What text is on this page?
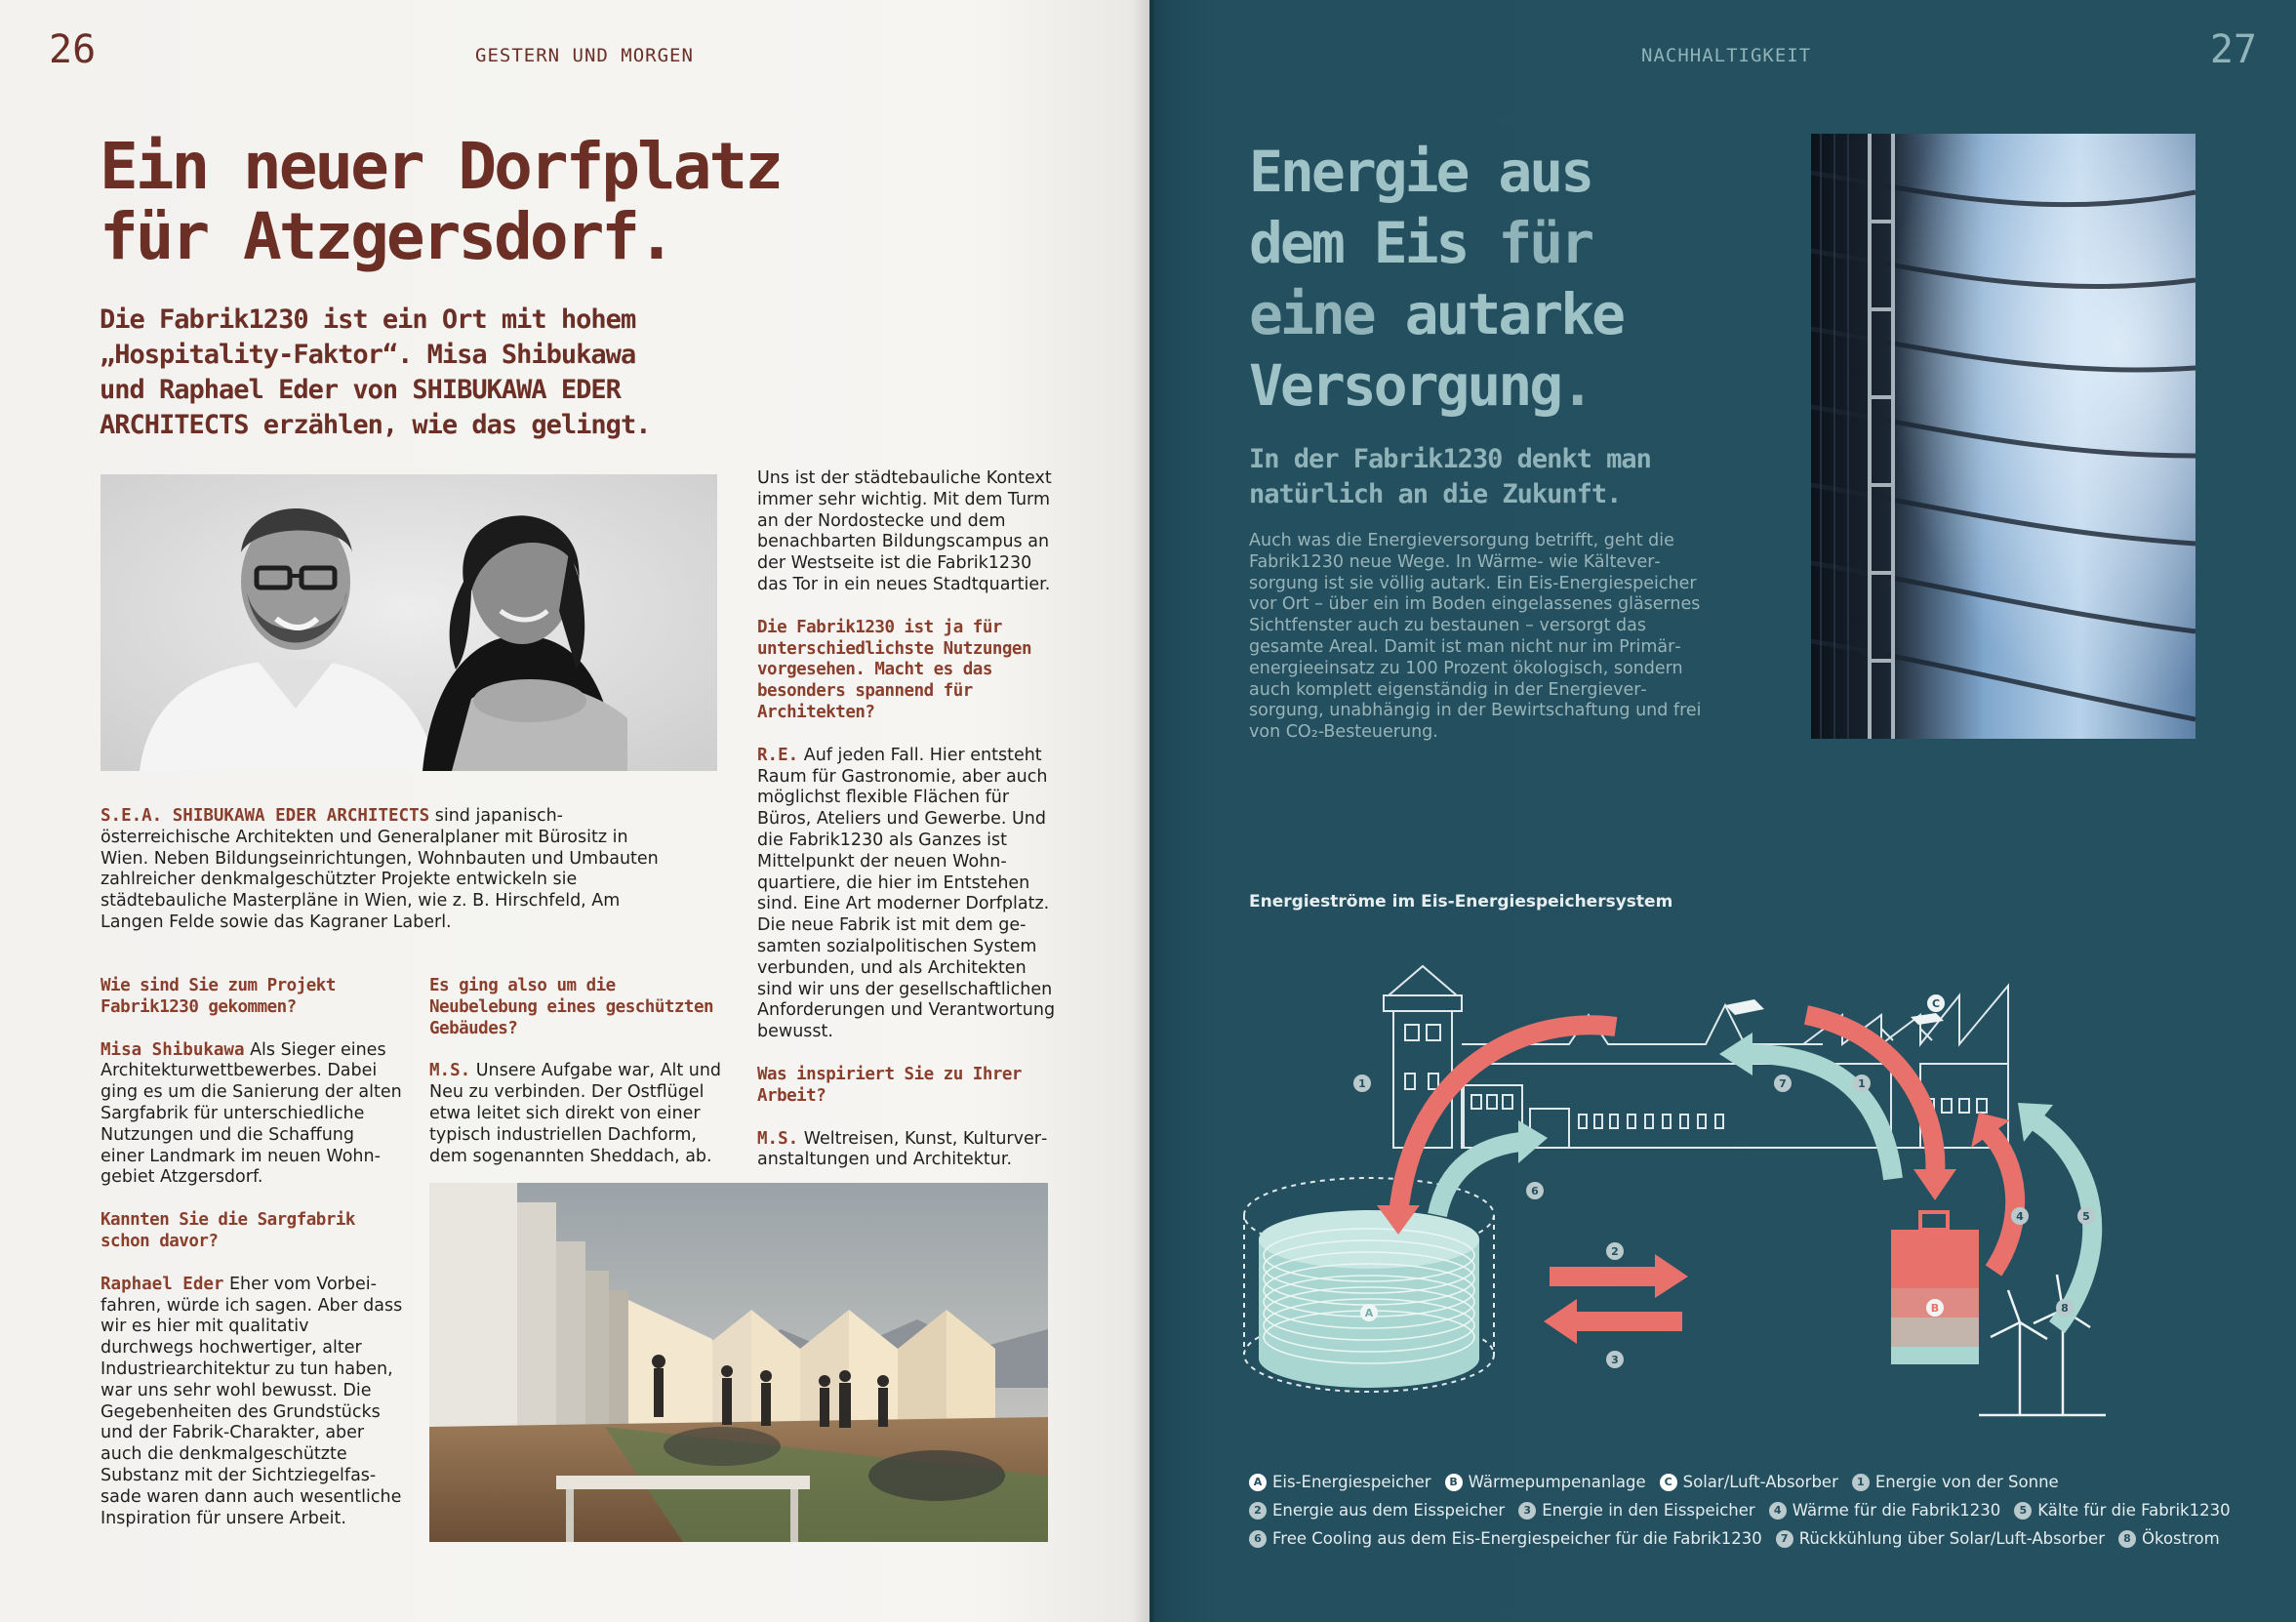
26	GESTERN UND MORGEN
Ein neuer Dorfplatz
für Atzgersdorf.
Die Fabrik1230 ist ein Ort mit hohem
„Hospitality-Faktor“. Misa Shibukawa
und Raphael Eder von SHIBUKAWA EDER
ARCHITECTS erzählen, wie das gelingt.
S.E.A. SHIBUKAWA EDER ARCHITECTS sind japanisch-österreichische Architekten und Generalplaner mit Bürositz in Wien. Neben Bildungseinrichtungen, Wohnbauten und Umbauten zahlreicher denkmalgeschützter Projekte entwickeln sie städtebauliche Masterpläne in Wien, wie z. B. Hirschfeld, Am Langen Felde sowie das Kagraner Laberl.
Wie sind Sie zum Projekt Fabrik1230 gekommen?
Misa Shibukawa Als Sieger eines Architekturwettbewerbes. Dabei ging es um die Sanierung der alten Sargfabrik für unterschiedliche Nutzungen und die Schaffung einer Landmark im neuen Wohngebiet Atzgersdorf.
Kannten Sie die Sargfabrik schon davor?
Raphael Eder Eher vom Vorbeifahren, würde ich sagen. Aber dass wir es hier mit qualitativ durchwegs hochwertiger, alter Industriearchitektur zu tun haben, war uns sehr wohl bewusst. Die Gegebenheiten des Grundstücks und der Fabrik-Charakter, aber auch die denkmalgeschützte Substanz mit der Sichtziegelfassade waren dann auch wesentliche Inspiration für unsere Arbeit.
Es ging also um die Neubelebung eines geschützten Gebäudes?
M.S. Unsere Aufgabe war, Alt und Neu zu verbinden. Der Ostflügel etwa leitet sich direkt von einer typisch industriellen Dachform, dem sogenannten Sheddach, ab.
Uns ist der städtebauliche Kontext immer sehr wichtig. Mit dem Turm an der Nordostecke und dem benachbarten Bildungscampus an der Westseite ist die Fabrik1230 das Tor in ein neues Stadtquartier.
Die Fabrik1230 ist ja für unterschiedlichste Nutzungen vorgesehen. Macht es das besonders spannend für Architekten?
R.E. Auf jeden Fall. Hier entsteht Raum für Gastronomie, aber auch möglichst flexible Flächen für Büros, Ateliers und Gewerbe. Und die Fabrik1230 als Ganzes ist Mittelpunkt der neuen Wohnquartiere, die hier im Entstehen sind. Eine Art moderner Dorfplatz. Die neue Fabrik ist mit dem gesamten sozialpolitischen System verbunden, und als Architekten sind wir uns der gesellschaftlichen Anforderungen und Verantwortung bewusst.
Was inspiriert Sie zu Ihrer Arbeit?
M.S. Weltreisen, Kunst, Kulturveranstaltungen und Architektur.
NACHHALTIGKEIT	27
Energie aus
dem Eis für
eine autarke
Versorgung.
In der Fabrik1230 denkt man
natürlich an die Zukunft.
Auch was die Energieversorgung betrifft, geht die Fabrik1230 neue Wege. In Wärme- wie Kälteversorgung ist sie völlig autark. Ein Eis-Energiespeicher vor Ort – über ein im Boden eingelassenes gläsernes Sichtfenster auch zu bestaunen – versorgt das gesamte Areal. Damit ist man nicht nur im Primärenergieeinsatz zu 100 Prozent ökologisch, sondern auch komplett eigenständig in der Energieversorgung, unabhängig in der Bewirtschaftung und frei von CO₂-Besteuerung.
Energieströme im Eis-Energiespeichersystem
A	B
C
1	1
2
3
4	5
6
7
8
A Eis-Energiespeicher	B Wärmepumpenanlage	C Solar/Luft-Absorber	1 Energie von der Sonne
2 Energie aus dem Eisspeicher	3 Energie in den Eisspeicher	4 Wärme für die Fabrik1230	5 Kälte für die Fabrik1230
6 Free Cooling aus dem Eis-Energiespeicher für die Fabrik1230	7 Rückkühlung über Solar/Luft-Absorber	8 Ökostrom
